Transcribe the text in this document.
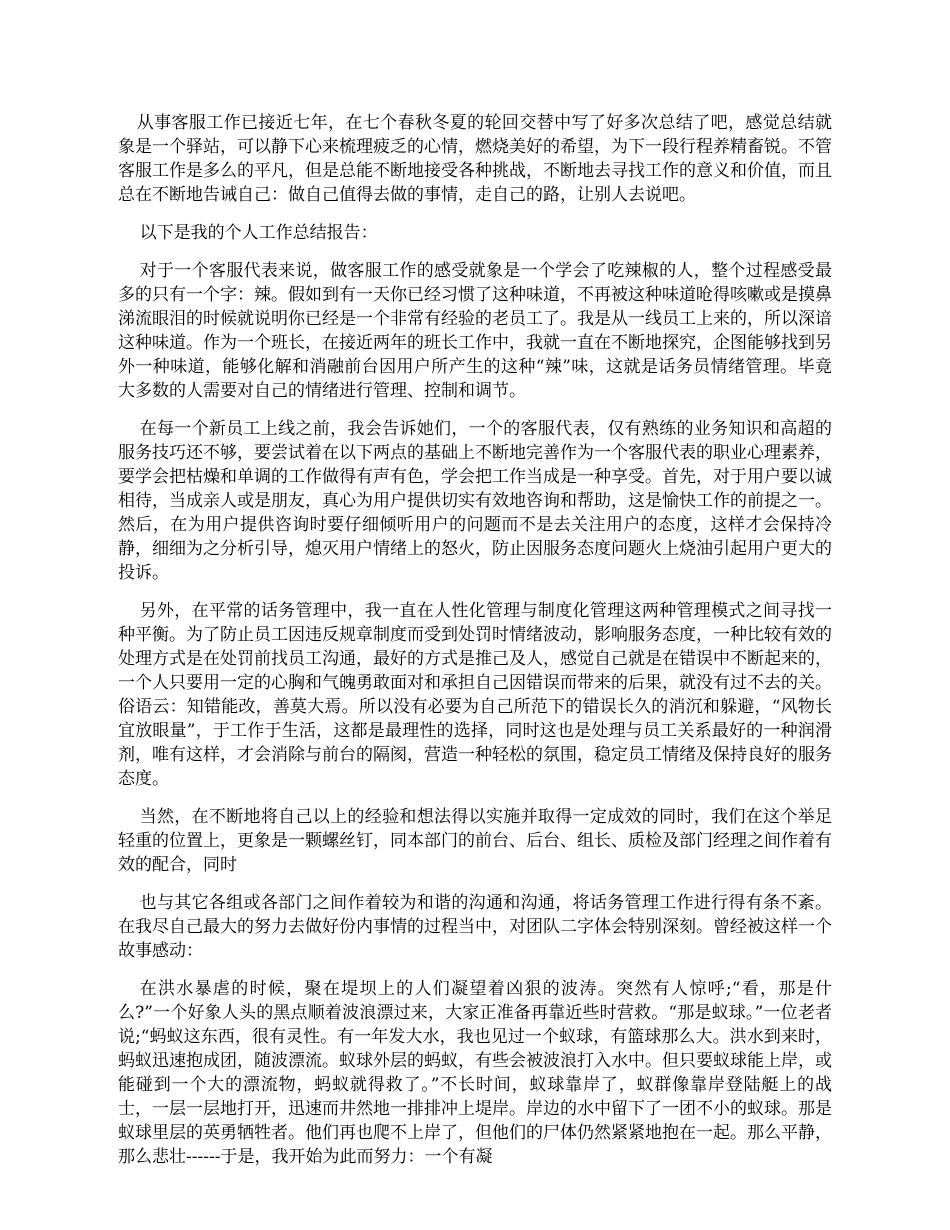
从事客服工作已接近七年，在七个春秋冬夏的轮回交替中写了好多次总结了吧，感觉总结就象是一个驿站，可以静下心来梳理疲乏的心情，燃烧美好的希望，为下一段行程养精畜锐。不管客服工作是多么的平凡，但是总能不断地接受各种挑战，不断地去寻找工作的意义和价值，而且总在不断地告诫自己：做自己值得去做的事情，走自己的路，让别人去说吧。

以下是我的个人工作总结报告：

对于一个客服代表来说，做客服工作的感受就象是一个学会了吃辣椒的人，整个过程感受最多的只有一个字：辣。假如到有一天你已经习惯了这种味道，不再被这种味道呛得咳嗽或是摸鼻涕流眼泪的时候就说明你已经是一个非常有经验的老员工了。我是从一线员工上来的，所以深谙这种味道。作为一个班长，在接近两年的班长工作中，我就一直在不断地探究，企图能够找到另外一种味道，能够化解和消融前台因用户所产生的这种“辣”味，这就是话务员情绪管理。毕竟大多数的人需要对自己的情绪进行管理、控制和调节。

在每一个新员工上线之前，我会告诉她们，一个的客服代表，仅有熟练的业务知识和高超的服务技巧还不够，要尝试着在以下两点的基础上不断地完善作为一个客服代表的职业心理素养，要学会把枯燥和单调的工作做得有声有色，学会把工作当成是一种享受。首先，对于用户要以诚相待，当成亲人或是朋友，真心为用户提供切实有效地咨询和帮助，这是愉快工作的前提之一。然后，在为用户提供咨询时要仔细倾听用户的问题而不是去关注用户的态度，这样才会保持冷静，细细为之分析引导，熄灭用户情绪上的怒火，防止因服务态度问题火上烧油引起用户更大的投诉。

另外，在平常的话务管理中，我一直在人性化管理与制度化管理这两种管理模式之间寻找一种平衡。为了防止员工因违反规章制度而受到处罚时情绪波动，影响服务态度，一种比较有效的处理方式是在处罚前找员工沟通，最好的方式是推己及人，感觉自己就是在错误中不断起来的，一个人只要用一定的心胸和气魄勇敢面对和承担自己因错误而带来的后果，就没有过不去的关。俗语云：知错能改，善莫大焉。所以没有必要为自己所范下的错误长久的消沉和躲避，“风物长宜放眼量”，于工作于生活，这都是最理性的选择，同时这也是处理与员工关系最好的一种润滑剂，唯有这样，才会消除与前台的隔阂，营造一种轻松的氛围，稳定员工情绪及保持良好的服务态度。

当然，在不断地将自己以上的经验和想法得以实施并取得一定成效的同时，我们在这个举足轻重的位置上，更象是一颗螺丝钉，同本部门的前台、后台、组长、质检及部门经理之间作着有效的配合，同时

也与其它各组或各部门之间作着较为和谐的沟通和沟通，将话务管理工作进行得有条不紊。在我尽自己最大的努力去做好份内事情的过程当中，对团队二字体会特别深刻。曾经被这样一个故事感动：

在洪水暴虐的时候，聚在堤坝上的人们凝望着凶狠的波涛。突然有人惊呼;“看，那是什么?”一个好象人头的黑点顺着波浪漂过来，大家正准备再靠近些时营救。“那是蚁球。”一位老者说;“蚂蚁这东西，很有灵性。有一年发大水，我也见过一个蚁球，有篮球那么大。洪水到来时，蚂蚁迅速抱成团，随波漂流。蚁球外层的蚂蚁，有些会被波浪打入水中。但只要蚁球能上岸，或能碰到一个大的漂流物，蚂蚁就得救了。”不长时间，蚁球靠岸了，蚁群像靠岸登陆艇上的战士，一层一层地打开，迅速而井然地一排排冲上堤岸。岸边的水中留下了一团不小的蚁球。那是蚁球里层的英勇牺牲者。他们再也爬不上岸了，但他们的尸体仍然紧紧地抱在一起。那么平静，那么悲壮------于是，我开始为此而努力：一个有凝
